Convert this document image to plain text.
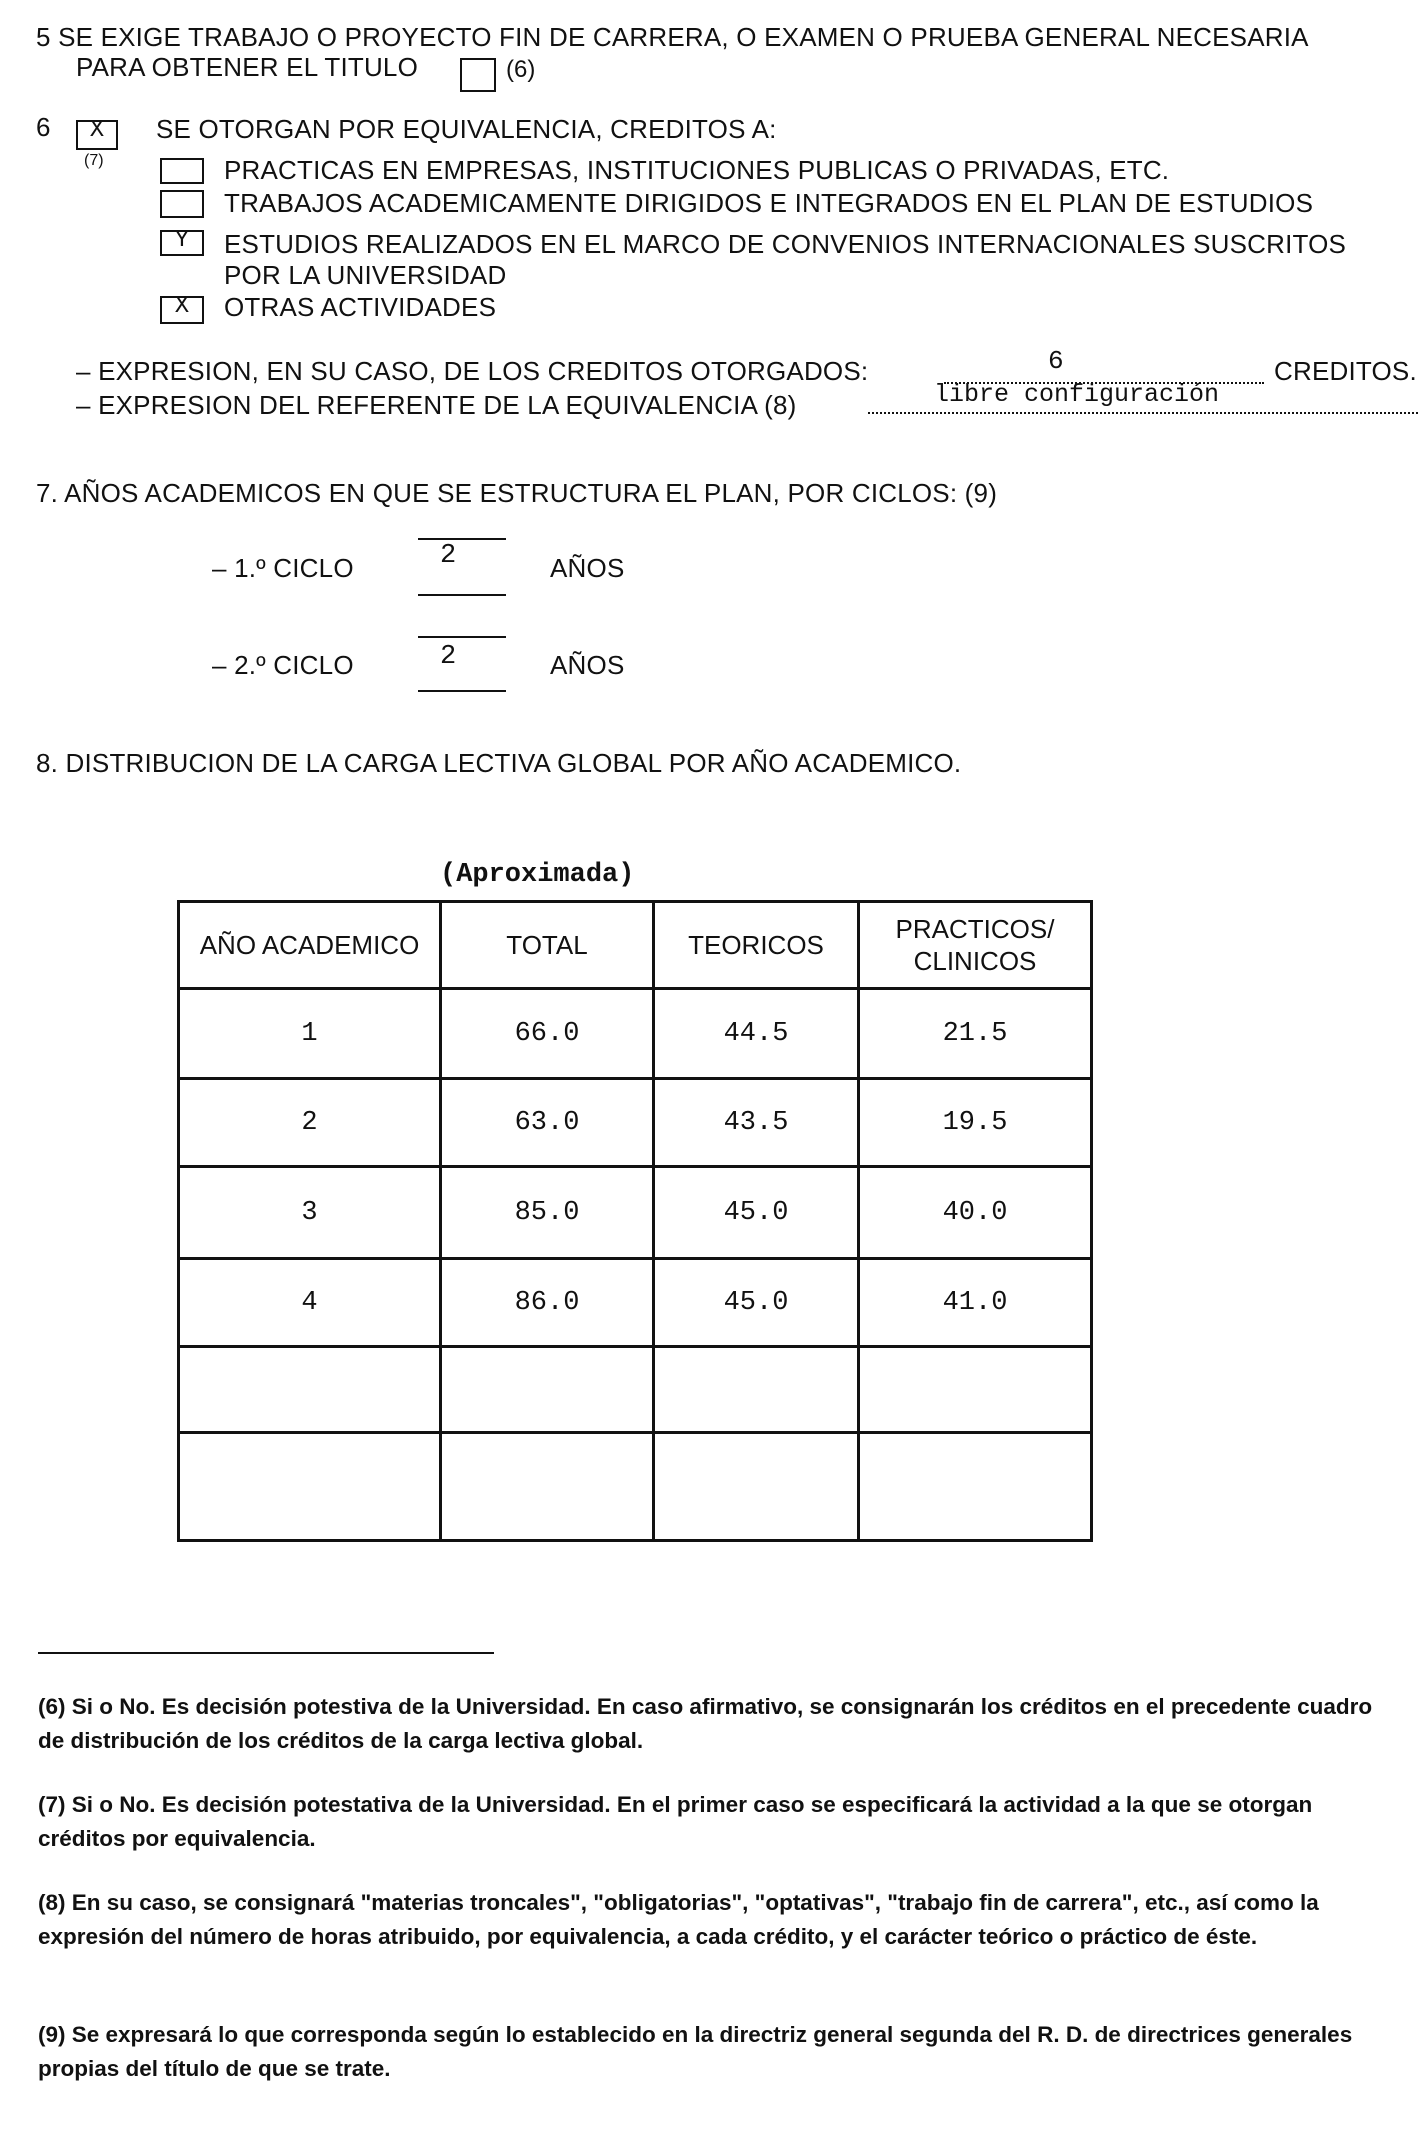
5 SE EXIGE TRABAJO O PROYECTO FIN DE CARRERA, O EXAMEN O PRUEBA GENERAL NECESARIA
PARA OBTENER EL TITULO	(6)
6	X
(7)
SE OTORGAN POR EQUIVALENCIA, CREDITOS A:
PRACTICAS EN EMPRESAS, INSTITUCIONES PUBLICAS O PRIVADAS, ETC.
TRABAJOS ACADEMICAMENTE DIRIGIDOS E INTEGRADOS EN EL PLAN DE ESTUDIOS
Y	ESTUDIOS REALIZADOS EN EL MARCO DE CONVENIOS INTERNACIONALES SUSCRITOS
POR LA UNIVERSIDAD
X	OTRAS ACTIVIDADES
– EXPRESION, EN SU CASO, DE LOS CREDITOS OTORGADOS:	6	CREDITOS.
– EXPRESION DEL REFERENTE DE LA EQUIVALENCIA (8)	libre configuración
7. AÑOS ACADEMICOS EN QUE SE ESTRUCTURA EL PLAN, POR CICLOS: (9)
– 1.º CICLO	2	AÑOS
– 2.º CICLO	2	AÑOS
8. DISTRIBUCION DE LA CARGA LECTIVA GLOBAL POR AÑO ACADEMICO.
(Aproximada)
AÑO ACADEMICO	TOTAL	TEORICOS	PRACTICOS/
CLINICOS
1	66.0	44.5	21.5
2	63.0	43.5	19.5
3	85.0	45.0	40.0
4	86.0	45.0	41.0

(6) Si o No. Es decisión potestiva de la Universidad. En caso afirmativo, se consignarán los créditos en el precedente cuadro de distribución de los créditos de la carga lectiva global.
(7) Si o No. Es decisión potestativa de la Universidad. En el primer caso se especificará la actividad a la que se otorgan créditos por equivalencia.
(8) En su caso, se consignará "materias troncales", "obligatorias", "optativas", "trabajo fin de carrera", etc., así como la expresión del número de horas atribuido, por equivalencia, a cada crédito, y el carácter teórico o práctico de éste.
(9) Se expresará lo que corresponda según lo establecido en la directriz general segunda del R. D. de directrices generales propias del título de que se trate.
